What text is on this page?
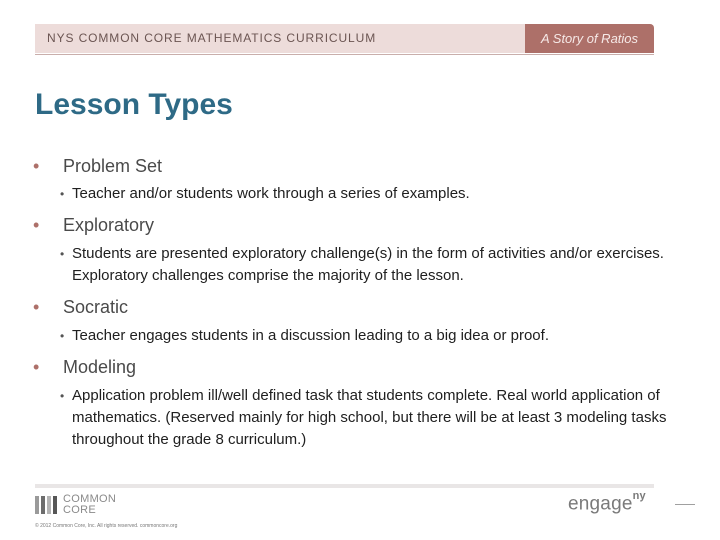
NYS COMMON CORE MATHEMATICS CURRICULUM	A Story of Ratios
Lesson Types
• Problem Set
• Teacher and/or students work through a series of examples.
• Exploratory
• Students are presented exploratory challenge(s) in the form of activities and/or exercises. Exploratory challenges comprise the majority of the lesson.
• Socratic
• Teacher engages students in a discussion leading to a big idea or proof.
• Modeling
• Application problem ill/well defined task that students complete. Real world application of mathematics. (Reserved mainly for high school, but there will be at least 3 modeling tasks throughout the grade 8 curriculum.)
COMMON
CORE
© 2012 Common Core, Inc. All rights reserved. commoncore.org
engage$^{ny}$
